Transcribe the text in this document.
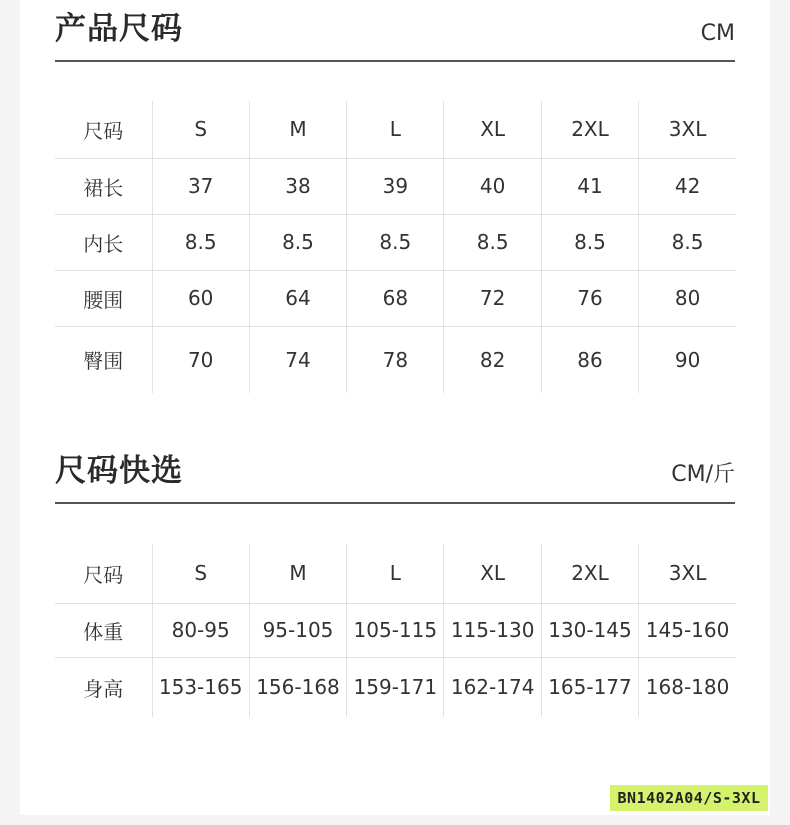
产品尺码	CM
尺码	S	M	L	XL	2XL	3XL
裙长	37	38	39	40	41	42
内长	8.5	8.5	8.5	8.5	8.5	8.5
腰围	60	64	68	72	76	80
臀围	70	74	78	82	86	90
尺码快选	CM/斤
尺码	S	M	L	XL	2XL	3XL
体重	80-95	95-105	105-115	115-130	130-145	145-160
身高	153-165	156-168	159-171	162-174	165-177	168-180
BN1402A04/S-3XL
